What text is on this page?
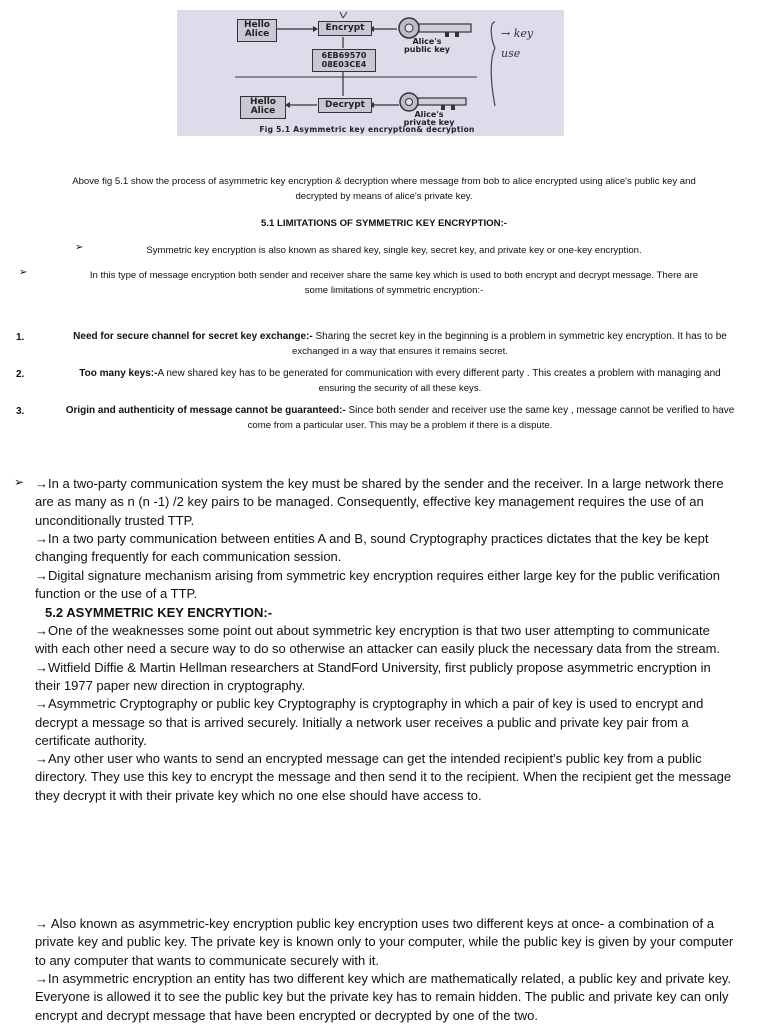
Hello
Alice
Encrypt
6EB69570
08E03CE4
Hello
Alice
Decrypt
Alice's
public key
Alice's
private key
→ key
use
Fig 5.1 Asymmetric key encryption& decryption
Above fig 5.1 show the process of asymmetric key encryption & decryption where message from bob to alice encrypted using alice's public key and
decrypted by means of alice's private key.
5.1 LIMITATIONS OF SYMMETRIC KEY ENCRYPTION:-
➢	Symmetric key encryption is also known as shared key, single key, secret key, and private key or one-key encryption.
➢	In this type of message encryption both sender and receiver share the same key which is used to both encrypt and decrypt message. There are
some limitations of symmetric encryption:-
1.	Need for secure channel for secret key exchange:- Sharing the secret key in the beginning is a problem in symmetric key encryption. It has to be
exchanged in a way that ensures it remains secret.
2.	Too many keys:-A new shared key has to be generated for communication with every different party . This creates a problem with managing and
ensuring the security of all these keys.
3.	Origin and authenticity of message cannot be guaranteed:- Since both sender and receiver use the same key , message cannot be verified to have
come from a particular user. This may be a problem if there is a dispute.
➢ →In a two-party communication system the key must be shared by the sender and the receiver. In a large network there
are as many as n (n -1) /2 key pairs to be managed. Consequently, effective key management requires the use of an
unconditionally trusted TTP.
→In a two party communication between entities A and B, sound Cryptography practices dictates that the key be kept
changing frequently for each communication session.
→Digital signature mechanism arising from symmetric key encryption requires either large key for the public verification
function or the use of a TTP.
5.2 ASYMMETRIC KEY ENCRYTION:-
→One of the weaknesses some point out about symmetric key encryption is that two user attempting to communicate
with each other need a secure way to do so otherwise an attacker can easily pluck the necessary data from the stream.
→Witfield Diffie & Martin Hellman researchers at StandFord University, first publicly propose asymmetric encryption in
their 1977 paper new direction in cryptography.
→Asymmetric Cryptography or public key Cryptography is cryptography in which a pair of key is used to encrypt and
decrypt a message so that is arrived securely. Initially a network user receives a public and private key pair from a
certificate authority.
→Any other user who wants to send an encrypted message can get the intended recipient's public key from a public
directory. They use this key to encrypt the message and then send it to the recipient. When the recipient get the message
they decrypt it with their private key which no one else should have access to.
→ Also known as asymmetric-key encryption public key encryption uses two different keys at once- a combination of a
private key and public key. The private key is known only to your computer, while the public key is given by your computer
to any computer that wants to communicate securely with it.
→In asymmetric encryption an entity has two different key which are mathematically related, a public key and private key.
Everyone is allowed it to see the public key but the private key has to remain hidden. The public and private key can only
encrypt and decrypt message that have been encrypted or decrypted by one of the two.
